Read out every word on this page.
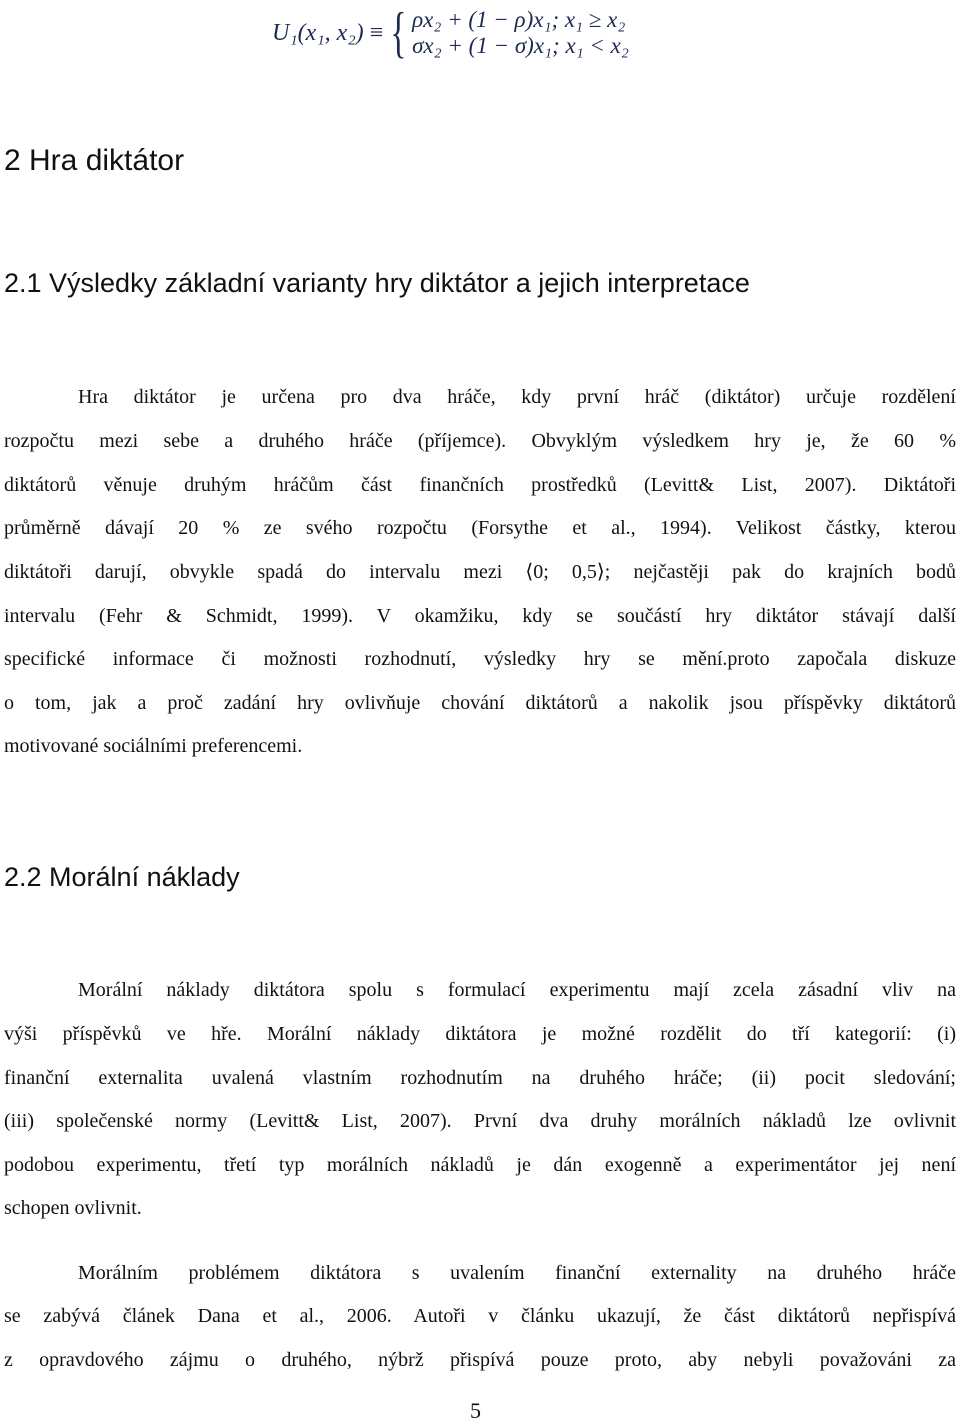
U₁(x₁, x₂) ≡ { ρx₂ + (1 − ρ)x₁; x₁ ≥ x₂
σx₂ + (1 − σ)x₁; x₁ < x₂
2 Hra diktátor
2.1 Výsledky základní varianty hry diktátor a jejich interpretace
Hra diktátor je určena pro dva hráče, kdy první hráč (diktátor) určuje rozdělení
rozpočtu mezi sebe a druhého hráče (příjemce). Obvyklým výsledkem hry je, že 60 %
diktátorů věnuje druhým hráčům část finančních prostředků (Levitt& List, 2007). Diktátoři
průměrně dávají 20 % ze svého rozpočtu (Forsythe et al., 1994). Velikost částky, kterou
diktátoři darují, obvykle spadá do intervalu mezi ⟨0; 0,5⟩; nejčastěji pak do krajních bodů
intervalu (Fehr & Schmidt, 1999). V okamžiku, kdy se součástí hry diktátor stávají další
specifické informace či možnosti rozhodnutí, výsledky hry se mění.proto započala diskuze
o tom, jak a proč zadání hry ovlivňuje chování diktátorů a nakolik jsou příspěvky diktátorů
motivované sociálními preferencemi.
2.2 Morální náklady
Morální náklady diktátora spolu s formulací experimentu mají zcela zásadní vliv na
výši příspěvků ve hře. Morální náklady diktátora je možné rozdělit do tří kategorií: (i)
finanční externalita uvalená vlastním rozhodnutím na druhého hráče; (ii) pocit sledování;
(iii) společenské normy (Levitt& List, 2007). První dva druhy morálních nákladů lze ovlivnit
podobou experimentu, třetí typ morálních nákladů je dán exogenně a experimentátor jej není
schopen ovlivnit.
Morálním problémem diktátora s uvalením finanční externality na druhého hráče
se zabývá článek Dana et al., 2006. Autoři v článku ukazují, že část diktátorů nepřispívá
z opravdového zájmu o druhého, nýbrž přispívá pouze proto, aby nebyli považováni za
5
